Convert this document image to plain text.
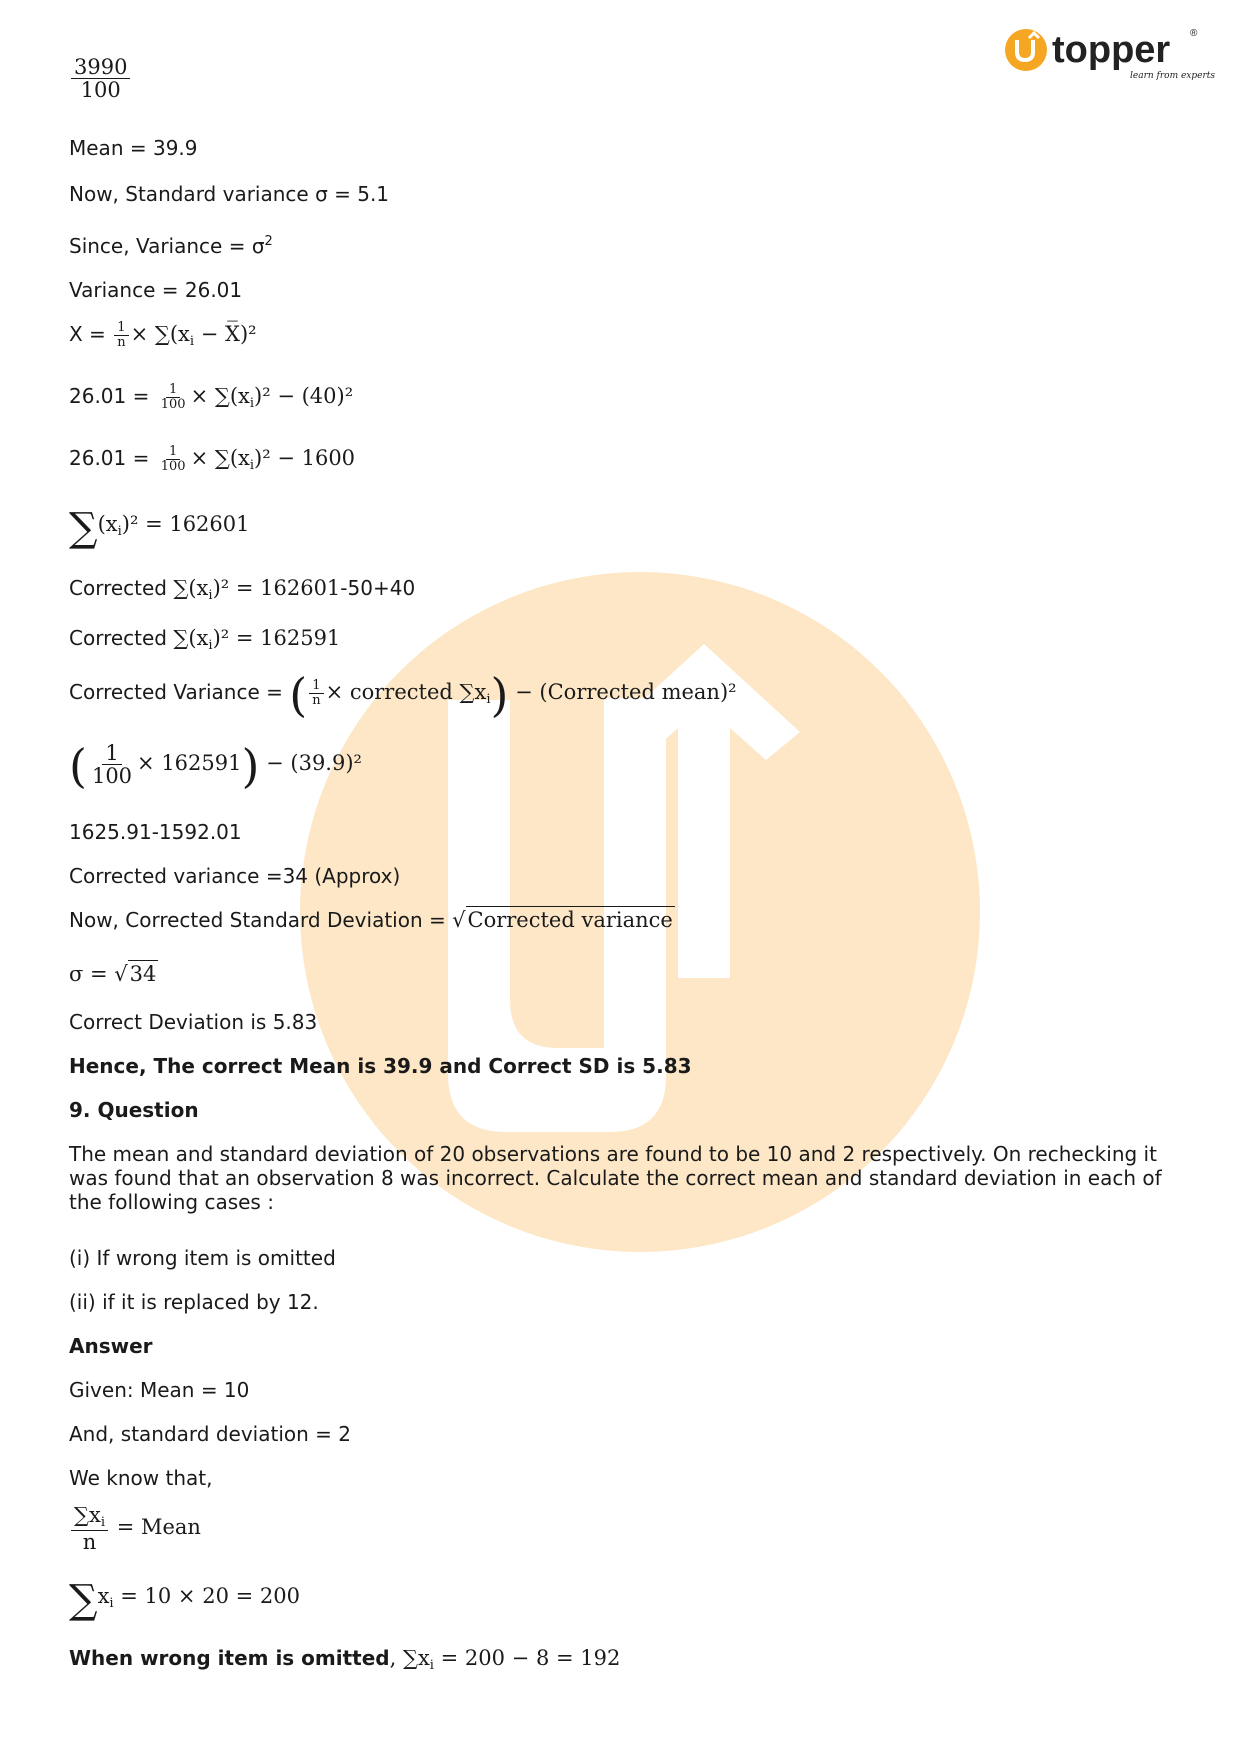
topper ®
learn from experts
$\frac{3990}{100}$
Mean = 39.9
Now, Standard variance σ = 5.1
Since, Variance = $\sigma^2$
Variance = 26.01
$X = \frac{1}{n} \times \sum(x_i$ − X̅)²
$26.01 = \frac{1}{100} \times \sum(x_i)^2 - (40)^2$
$26.01 = \frac{1}{100} \times \sum(x_i)^2 - 1600$
$\sum(x_i)^2 = 162601$
Corrected $\sum(x_i)^2 = 162601-50+40$
Corrected $\sum(x_i)^2 = 162591$
Corrected Variance = ( $\frac{1}{n}$ × corrected $\sum x_i$) − (Corrected mean)²
( $\frac{1}{100} \times 162591) - (39.9)^2$
1625.91-1592.01
Corrected variance =34 (Approx)
Now, Corrected Standard Deviation = √Corrected variance
σ = √34
Correct Deviation is 5.83
Hence, The correct Mean is 39.9 and Correct SD is 5.83
9. Question
The mean and standard deviation of 20 observations are found to be 10 and 2 respectively. On rechecking it was found that an observation 8 was incorrect. Calculate the correct mean and standard deviation in each of the following cases :
(i) If wrong item is omitted
(ii) if it is replaced by 12.
Answer
Given: Mean = 10
And, standard deviation = 2
We know that,
$\frac{\sum x_i}{n}$ = Mean
$\sum x_i = 10 \times 20 = 200$
When wrong item is omitted, $\sum x_i = 200 - 8 = 192$
